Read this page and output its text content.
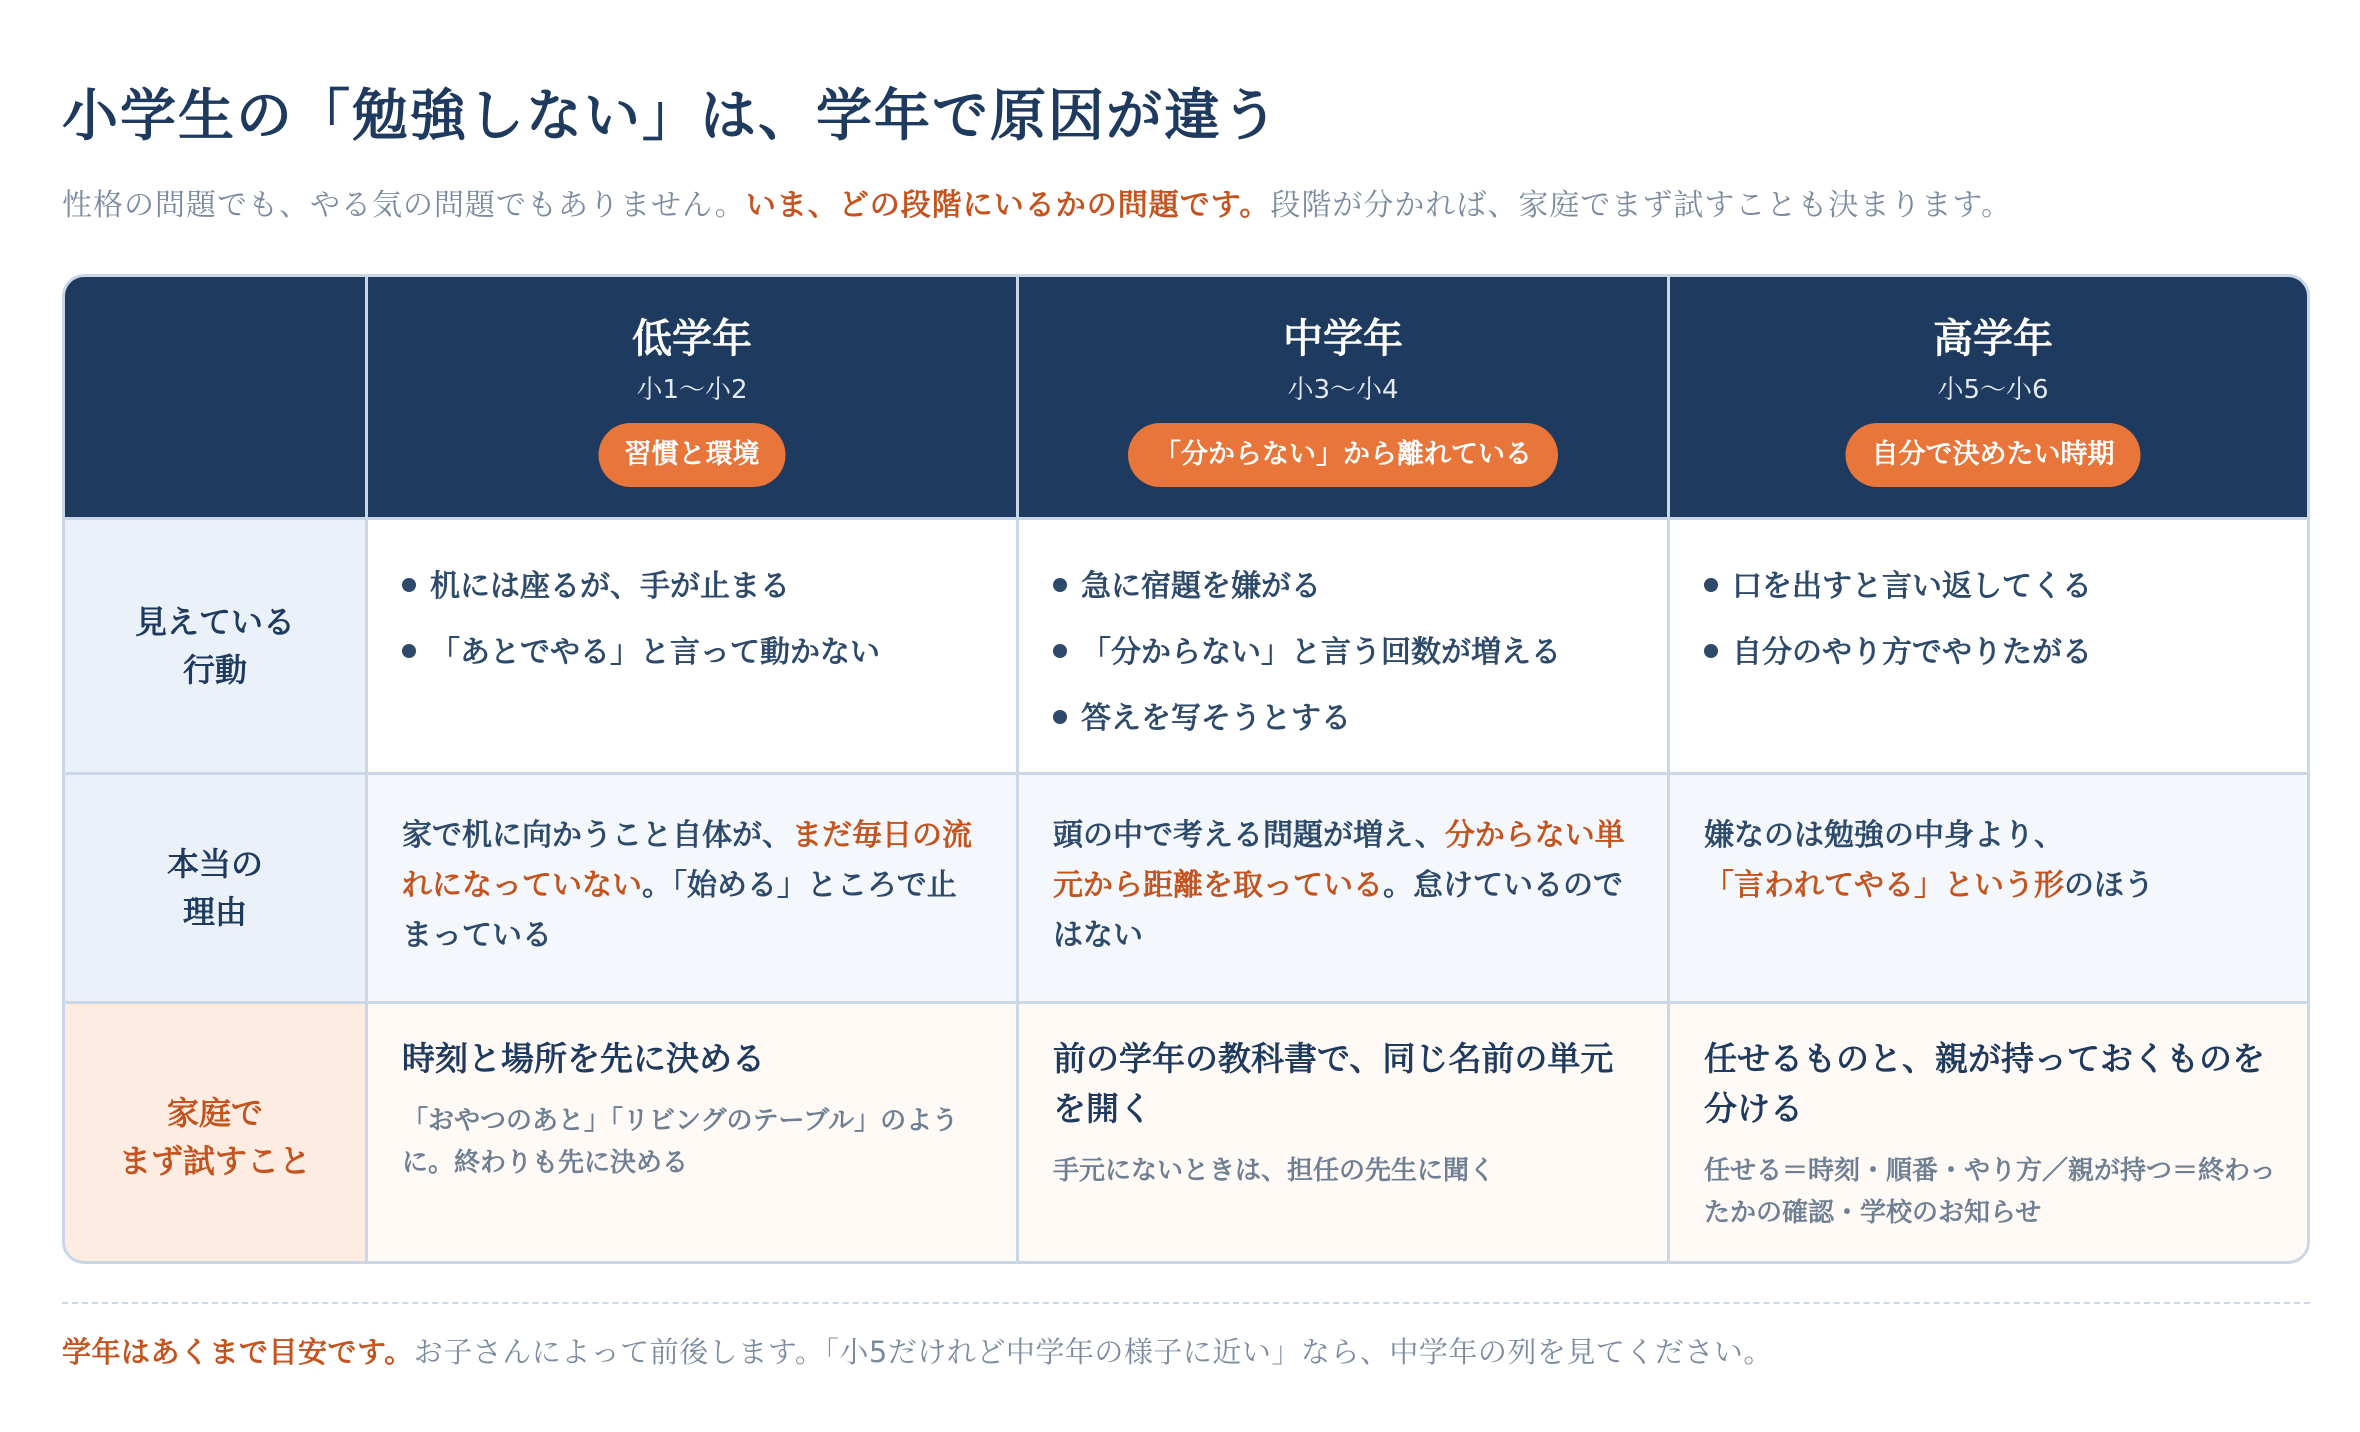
小学生の「勉強しない」は、学年で原因が違う

性格の問題でも、やる気の問題でもありません。いま、どの段階にいるかの問題です。段階が分かれば、家庭でまず試すことも決まります。

低学年
小1〜小2
習慣と環境
中学年
小3〜小4
「分からない」から離れている
高学年
小5〜小6
自分で決めたい時期
見えている
行動
机には座るが、手が止まる
「あとでやる」と言って動かない
急に宿題を嫌がる
「分からない」と言う回数が増える
答えを写そうとする
口を出すと言い返してくる
自分のやり方でやりたがる
本当の
理由

家で机に向かうこと自体が、まだ毎日の流れになっていない。「始める」ところで止まっている

頭の中で考える問題が増え、分からない単元から距離を取っている。怠けているのではない

嫌なのは勉強の中身より、
「言われてやる」という形のほう

家庭で
まず試すこと
時刻と場所を先に決める
「おやつのあと」「リビングのテーブル」のように。終わりも先に決める
前の学年の教科書で、同じ名前の単元を開く
手元にないときは、担任の先生に聞く
任せるものと、親が持っておくものを分ける
任せる＝時刻・順番・やり方／親が持つ＝終わったかの確認・学校のお知らせ

学年はあくまで目安です。お子さんによって前後します。「小5だけれど中学年の様子に近い」なら、中学年の列を見てください。
